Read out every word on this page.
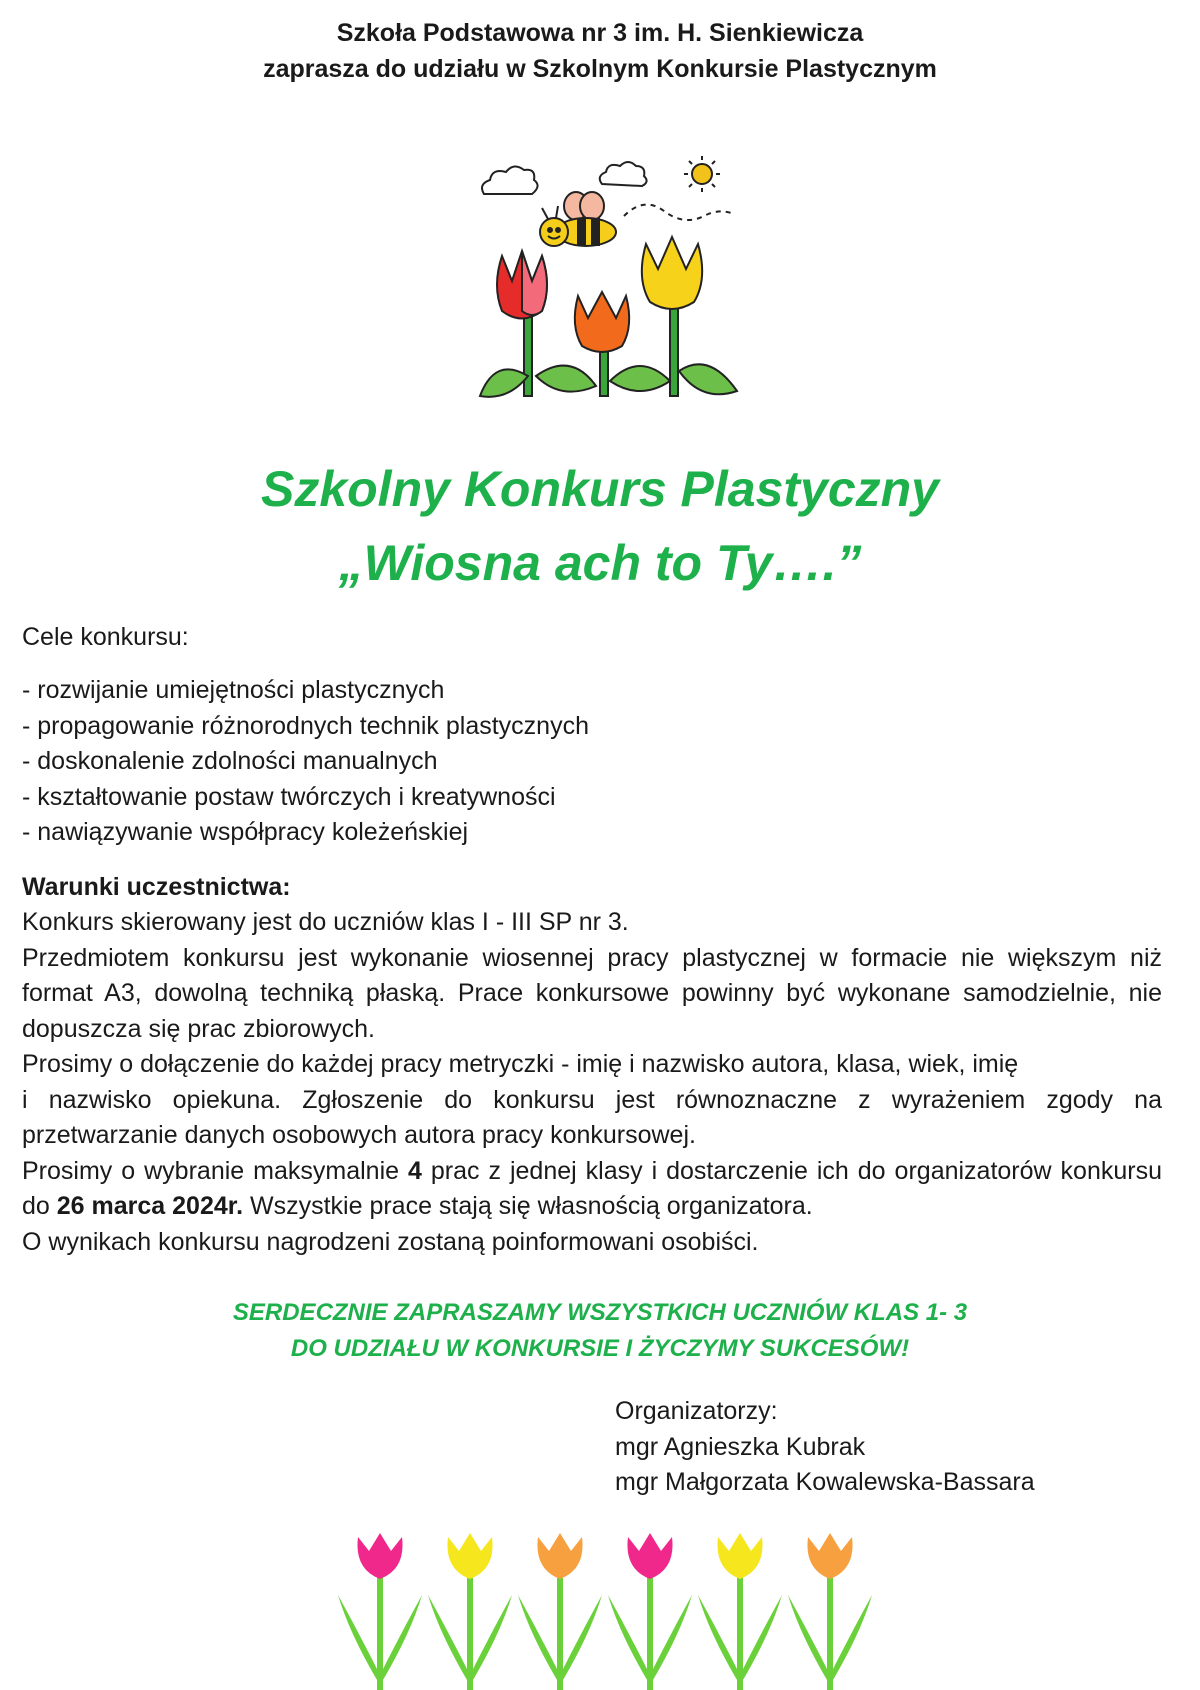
Szkoła Podstawowa nr 3 im. H. Sienkiewicza
zaprasza do udziału w Szkolnym Konkursie Plastycznym
Szkolny Konkurs Plastyczny
„Wiosna ach to Ty….”
Cele konkursu:
- rozwijanie umiejętności plastycznych
- propagowanie różnorodnych technik plastycznych
- doskonalenie zdolności manualnych
- kształtowanie postaw twórczych i kreatywności
- nawiązywanie współpracy koleżeńskiej
Warunki uczestnictwa:

Konkurs skierowany jest do uczniów klas I - III SP nr 3.

Przedmiotem konkursu jest wykonanie wiosennej pracy plastycznej w formacie nie większym niż format A3, dowolną techniką płaską. Prace konkursowe powinny być wykonane samodzielnie, nie dopuszcza się prac zbiorowych.

Prosimy o dołączenie do każdej pracy metryczki - imię i nazwisko autora, klasa, wiek, imię

i nazwisko opiekuna. Zgłoszenie do konkursu jest równoznaczne z wyrażeniem zgody na przetwarzanie danych osobowych autora pracy konkursowej.

Prosimy o wybranie maksymalnie 4 prac z jednej klasy i dostarczenie ich do organizatorów konkursu do 26 marca 2024r. Wszystkie prace stają się własnością organizatora.

O wynikach konkursu nagrodzeni zostaną poinformowani osobiści.

SERDECZNIE ZAPRASZAMY WSZYSTKICH UCZNIÓW KLAS 1- 3
DO UDZIAŁU W KONKURSIE I ŻYCZYMY SUKCESÓW!
Organizatorzy:
mgr Agnieszka Kubrak
mgr Małgorzata Kowalewska-Bassara
